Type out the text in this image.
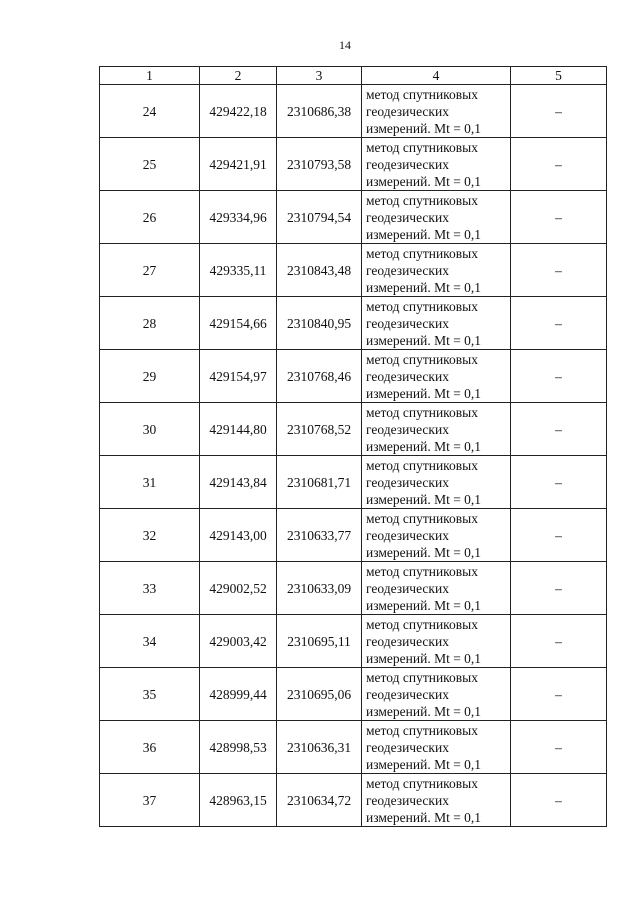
14
1	2	3	4	5
24	429422,18	2310686,38	метод спутниковых
геодезических
измерений. Mt = 0,1	–
25	429421,91	2310793,58	метод спутниковых
геодезических
измерений. Mt = 0,1	–
26	429334,96	2310794,54	метод спутниковых
геодезических
измерений. Mt = 0,1	–
27	429335,11	2310843,48	метод спутниковых
геодезических
измерений. Mt = 0,1	–
28	429154,66	2310840,95	метод спутниковых
геодезических
измерений. Mt = 0,1	–
29	429154,97	2310768,46	метод спутниковых
геодезических
измерений. Mt = 0,1	–
30	429144,80	2310768,52	метод спутниковых
геодезических
измерений. Mt = 0,1	–
31	429143,84	2310681,71	метод спутниковых
геодезических
измерений. Mt = 0,1	–
32	429143,00	2310633,77	метод спутниковых
геодезических
измерений. Mt = 0,1	–
33	429002,52	2310633,09	метод спутниковых
геодезических
измерений. Mt = 0,1	–
34	429003,42	2310695,11	метод спутниковых
геодезических
измерений. Mt = 0,1	–
35	428999,44	2310695,06	метод спутниковых
геодезических
измерений. Mt = 0,1	–
36	428998,53	2310636,31	метод спутниковых
геодезических
измерений. Mt = 0,1	–
37	428963,15	2310634,72	метод спутниковых
геодезических
измерений. Mt = 0,1	–
